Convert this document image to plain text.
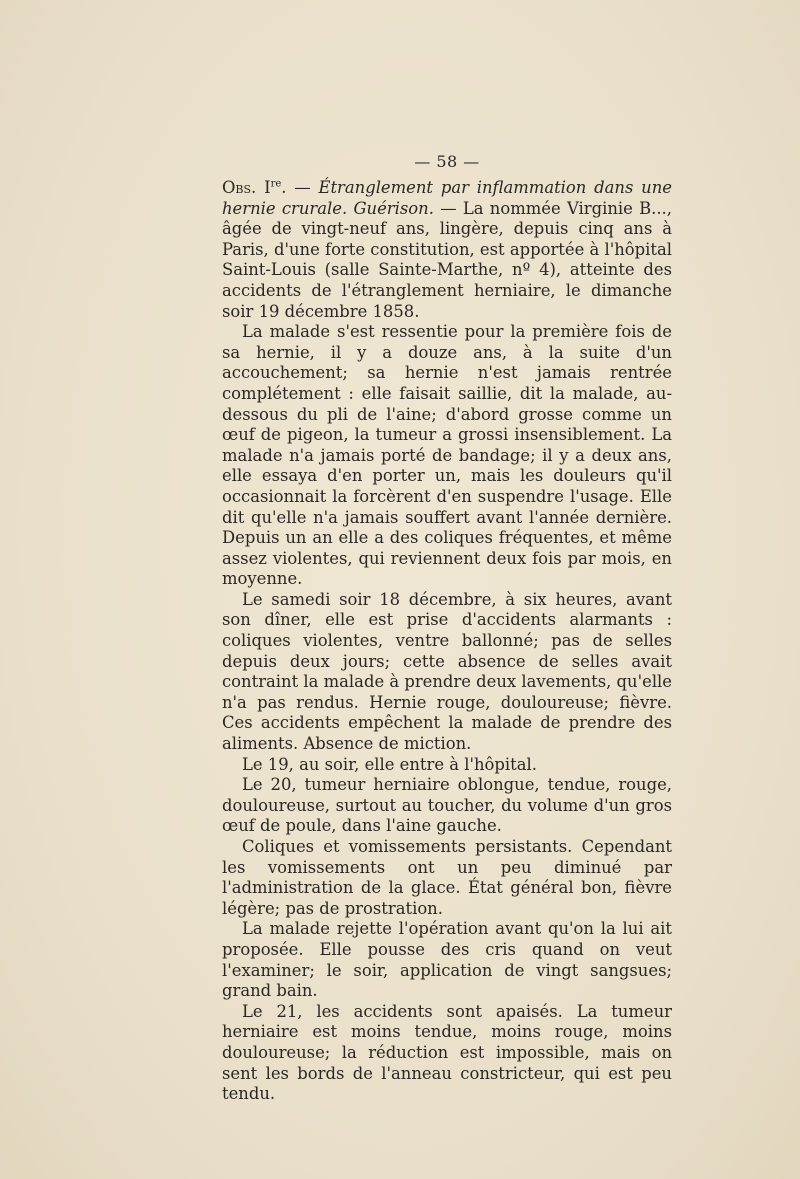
— 58 —

Obs. Ire. — Étranglement par inflammation dans une hernie crurale. Guérison. — La nommée Virginie B..., âgée de vingt-neuf ans, lingère, depuis cinq ans à Paris, d'une forte constitution, est apportée à l'hôpital Saint-Louis (salle Sainte-Marthe, nº 4), atteinte des accidents de l'étranglement herniaire, le dimanche soir 19 décembre 1858.

La malade s'est ressentie pour la première fois de sa hernie, il y a douze ans, à la suite d'un accouchement; sa hernie n'est jamais rentrée complétement : elle faisait saillie, dit la malade, au-dessous du pli de l'aine; d'abord grosse comme un œuf de pigeon, la tumeur a grossi insensiblement. La malade n'a jamais porté de bandage; il y a deux ans, elle essaya d'en porter un, mais les douleurs qu'il occasionnait la forcèrent d'en suspendre l'usage. Elle dit qu'elle n'a jamais souffert avant l'année dernière. Depuis un an elle a des coliques fréquentes, et même assez violentes, qui reviennent deux fois par mois, en moyenne.

Le samedi soir 18 décembre, à six heures, avant son dîner, elle est prise d'accidents alarmants : coliques violentes, ventre ballonné; pas de selles depuis deux jours; cette absence de selles avait contraint la malade à prendre deux lavements, qu'elle n'a pas rendus. Hernie rouge, douloureuse; fièvre. Ces accidents empêchent la malade de prendre des aliments. Absence de miction.

Le 19, au soir, elle entre à l'hôpital.

Le 20, tumeur herniaire oblongue, tendue, rouge, douloureuse, surtout au toucher, du volume d'un gros œuf de poule, dans l'aine gauche.

Coliques et vomissements persistants. Cependant les vomissements ont un peu diminué par l'administration de la glace. État général bon, fièvre légère; pas de prostration.

La malade rejette l'opération avant qu'on la lui ait proposée. Elle pousse des cris quand on veut l'examiner; le soir, application de vingt sangsues; grand bain.

Le 21, les accidents sont apaisés. La tumeur herniaire est moins tendue, moins rouge, moins douloureuse; la réduction est impossible, mais on sent les bords de l'anneau constricteur, qui est peu tendu.
